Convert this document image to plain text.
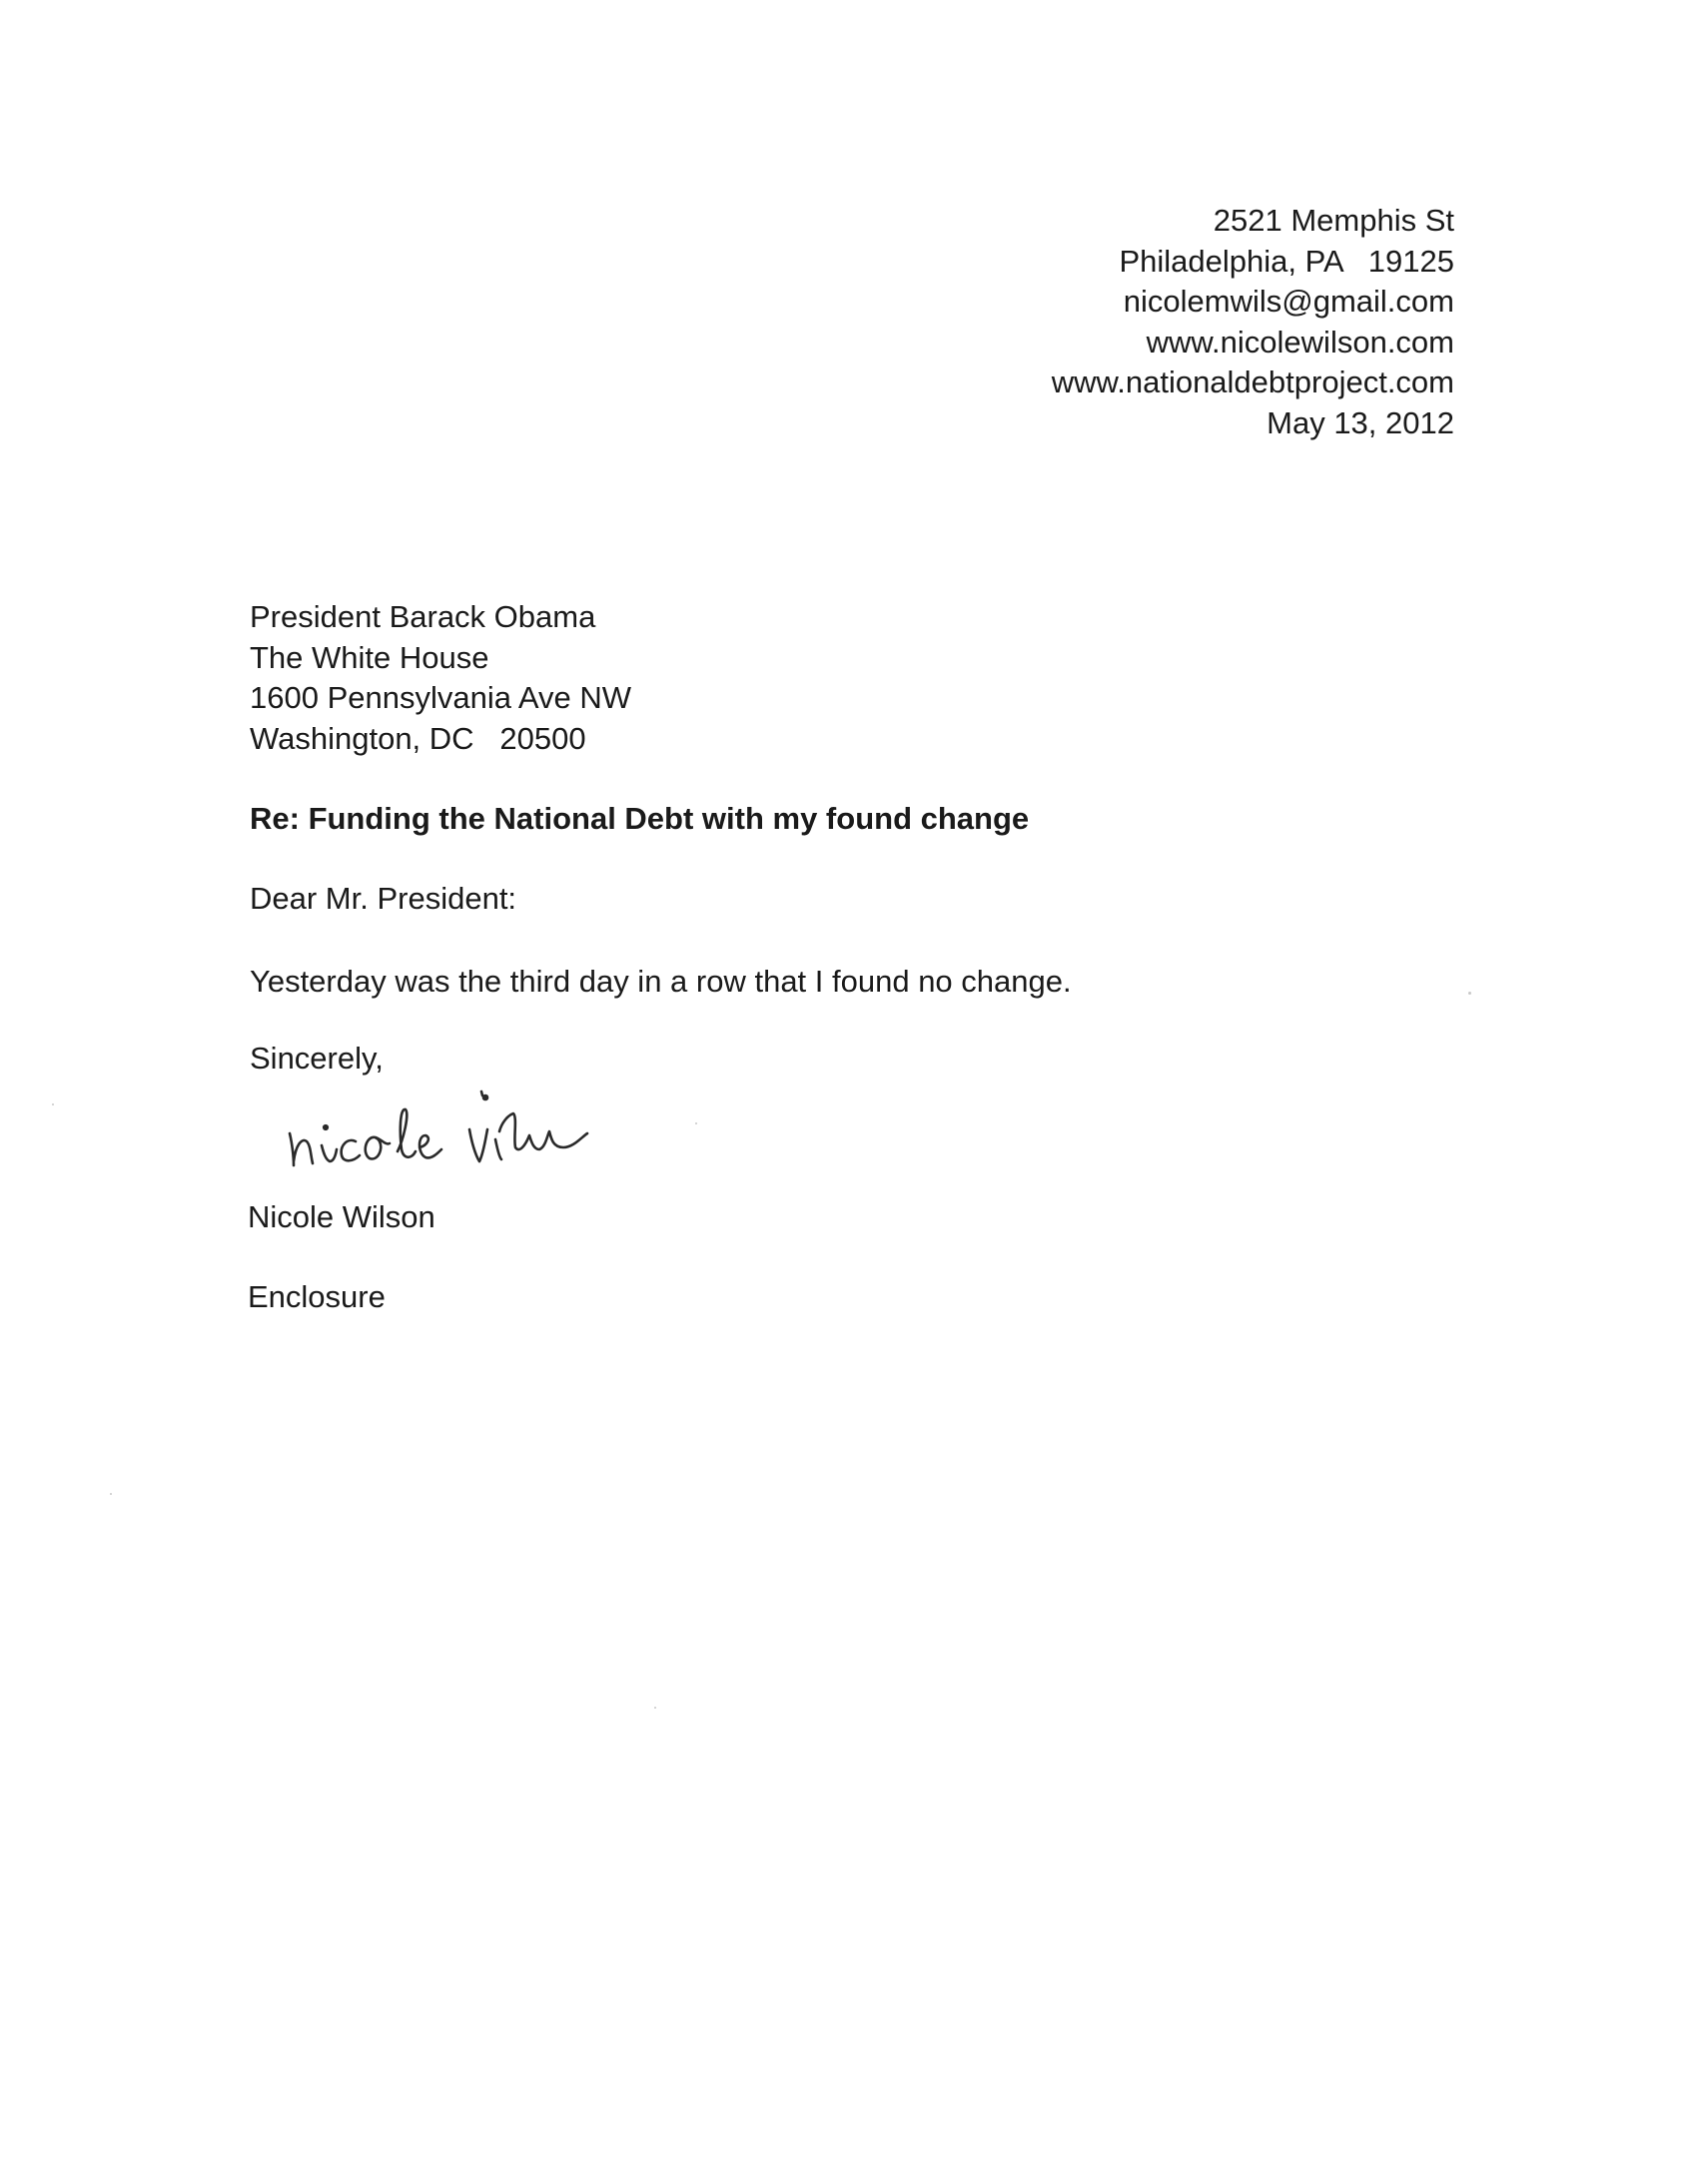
2521 Memphis St
Philadelphia, PA   19125
nicolemwils@gmail.com
www.nicolewilson.com
www.nationaldebtproject.com
May 13, 2012
President Barack Obama
The White House
1600 Pennsylvania Ave NW
Washington, DC   20500
Re: Funding the National Debt with my found change
Dear Mr. President:
Yesterday was the third day in a row that I found no change.
Sincerely,
Nicole Wilson
Enclosure
